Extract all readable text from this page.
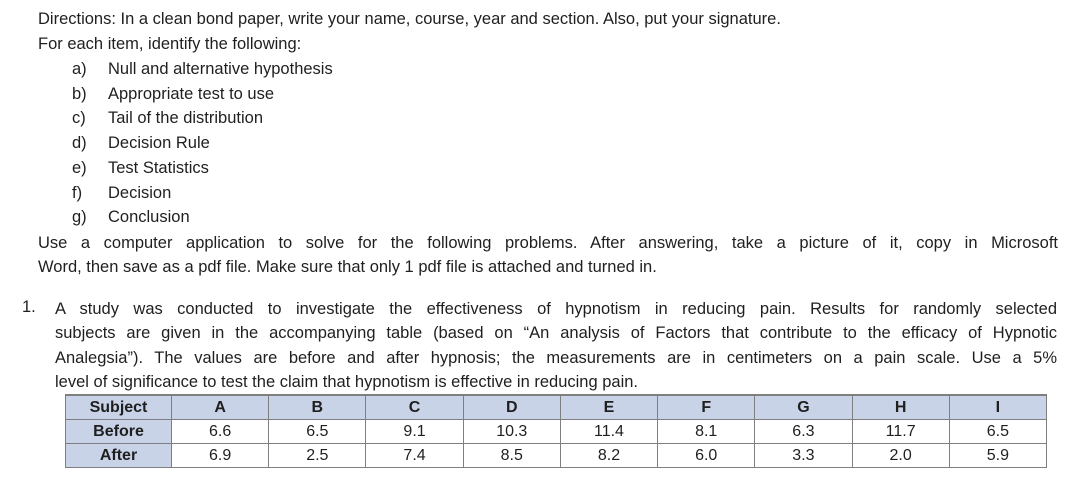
Directions: In a clean bond paper, write your name, course, year and section. Also, put your signature.
For each item, identify the following:
a) Null and alternative hypothesis
b) Appropriate test to use
c) Tail of the distribution
d) Decision Rule
e) Test Statistics
f) Decision
g) Conclusion
Use a computer application to solve for the following problems. After answering, take a picture of it, copy in Microsoft
Word, then save as a pdf file. Make sure that only 1 pdf file is attached and turned in.
1. A study was conducted to investigate the effectiveness of hypnotism in reducing pain. Results for randomly selected
subjects are given in the accompanying table (based on “An analysis of Factors that contribute to the efficacy of Hypnotic
Analegsia”). The values are before and after hypnosis; the measurements are in centimeters on a pain scale. Use a 5%
level of significance to test the claim that hypnotism is effective in reducing pain.
Subject	A	B	C	D	E	F	G	H	I
Before	6.6	6.5	9.1	10.3	11.4	8.1	6.3	11.7	6.5
After	6.9	2.5	7.4	8.5	8.2	6.0	3.3	2.0	5.9
